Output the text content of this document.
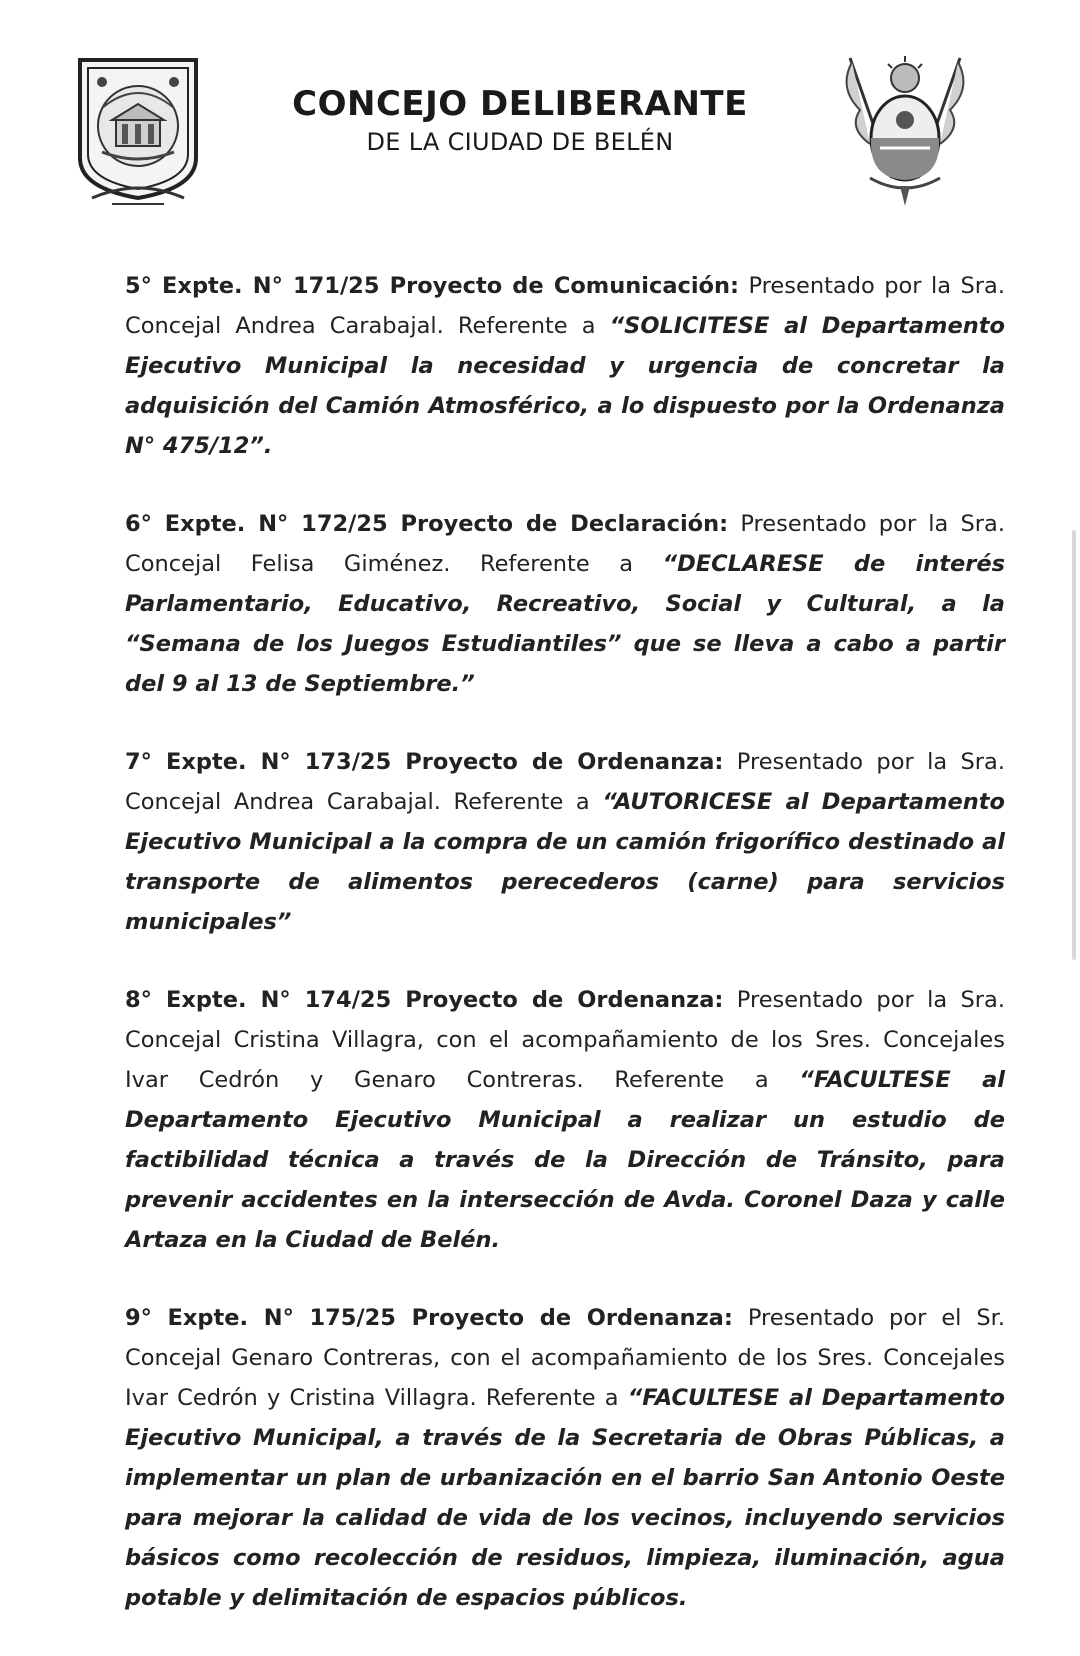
CONCEJO DELIBERANTE
DE LA CIUDAD DE BELÉN

5° Expte. N° 171/25 Proyecto de Comunicación: Presentado por la Sra. Concejal Andrea Carabajal. Referente a “SOLICITESE al Departamento Ejecutivo Municipal la necesidad y urgencia de concretar la adquisición del Camión Atmosférico, a lo dispuesto por la Ordenanza N° 475/12”.

6° Expte. N° 172/25 Proyecto de Declaración: Presentado por la Sra. Concejal Felisa Giménez. Referente a “DECLARESE de interés Parlamentario, Educativo, Recreativo, Social y Cultural, a la “Semana de los Juegos Estudiantiles” que se lleva a cabo a partir del 9 al 13 de Septiembre.”

7° Expte. N° 173/25 Proyecto de Ordenanza: Presentado por la Sra. Concejal Andrea Carabajal. Referente a “AUTORICESE al Departamento Ejecutivo Municipal a la compra de un camión frigorífico destinado al transporte de alimentos perecederos (carne) para servicios municipales”

8° Expte. N° 174/25 Proyecto de Ordenanza: Presentado por la Sra. Concejal Cristina Villagra, con el acompañamiento de los Sres. Concejales Ivar Cedrón y Genaro Contreras. Referente a “FACULTESE al Departamento Ejecutivo Municipal a realizar un estudio de factibilidad técnica a través de la Dirección de Tránsito, para prevenir accidentes en la intersección de Avda. Coronel Daza y calle Artaza en la Ciudad de Belén.

9° Expte. N° 175/25 Proyecto de Ordenanza: Presentado por el Sr. Concejal Genaro Contreras, con el acompañamiento de los Sres. Concejales Ivar Cedrón y Cristina Villagra. Referente a “FACULTESE al Departamento Ejecutivo Municipal, a través de la Secretaria de Obras Públicas, a implementar un plan de urbanización en el barrio San Antonio Oeste para mejorar la calidad de vida de los vecinos, incluyendo servicios básicos como recolección de residuos, limpieza, iluminación, agua potable y delimitación de espacios públicos.
